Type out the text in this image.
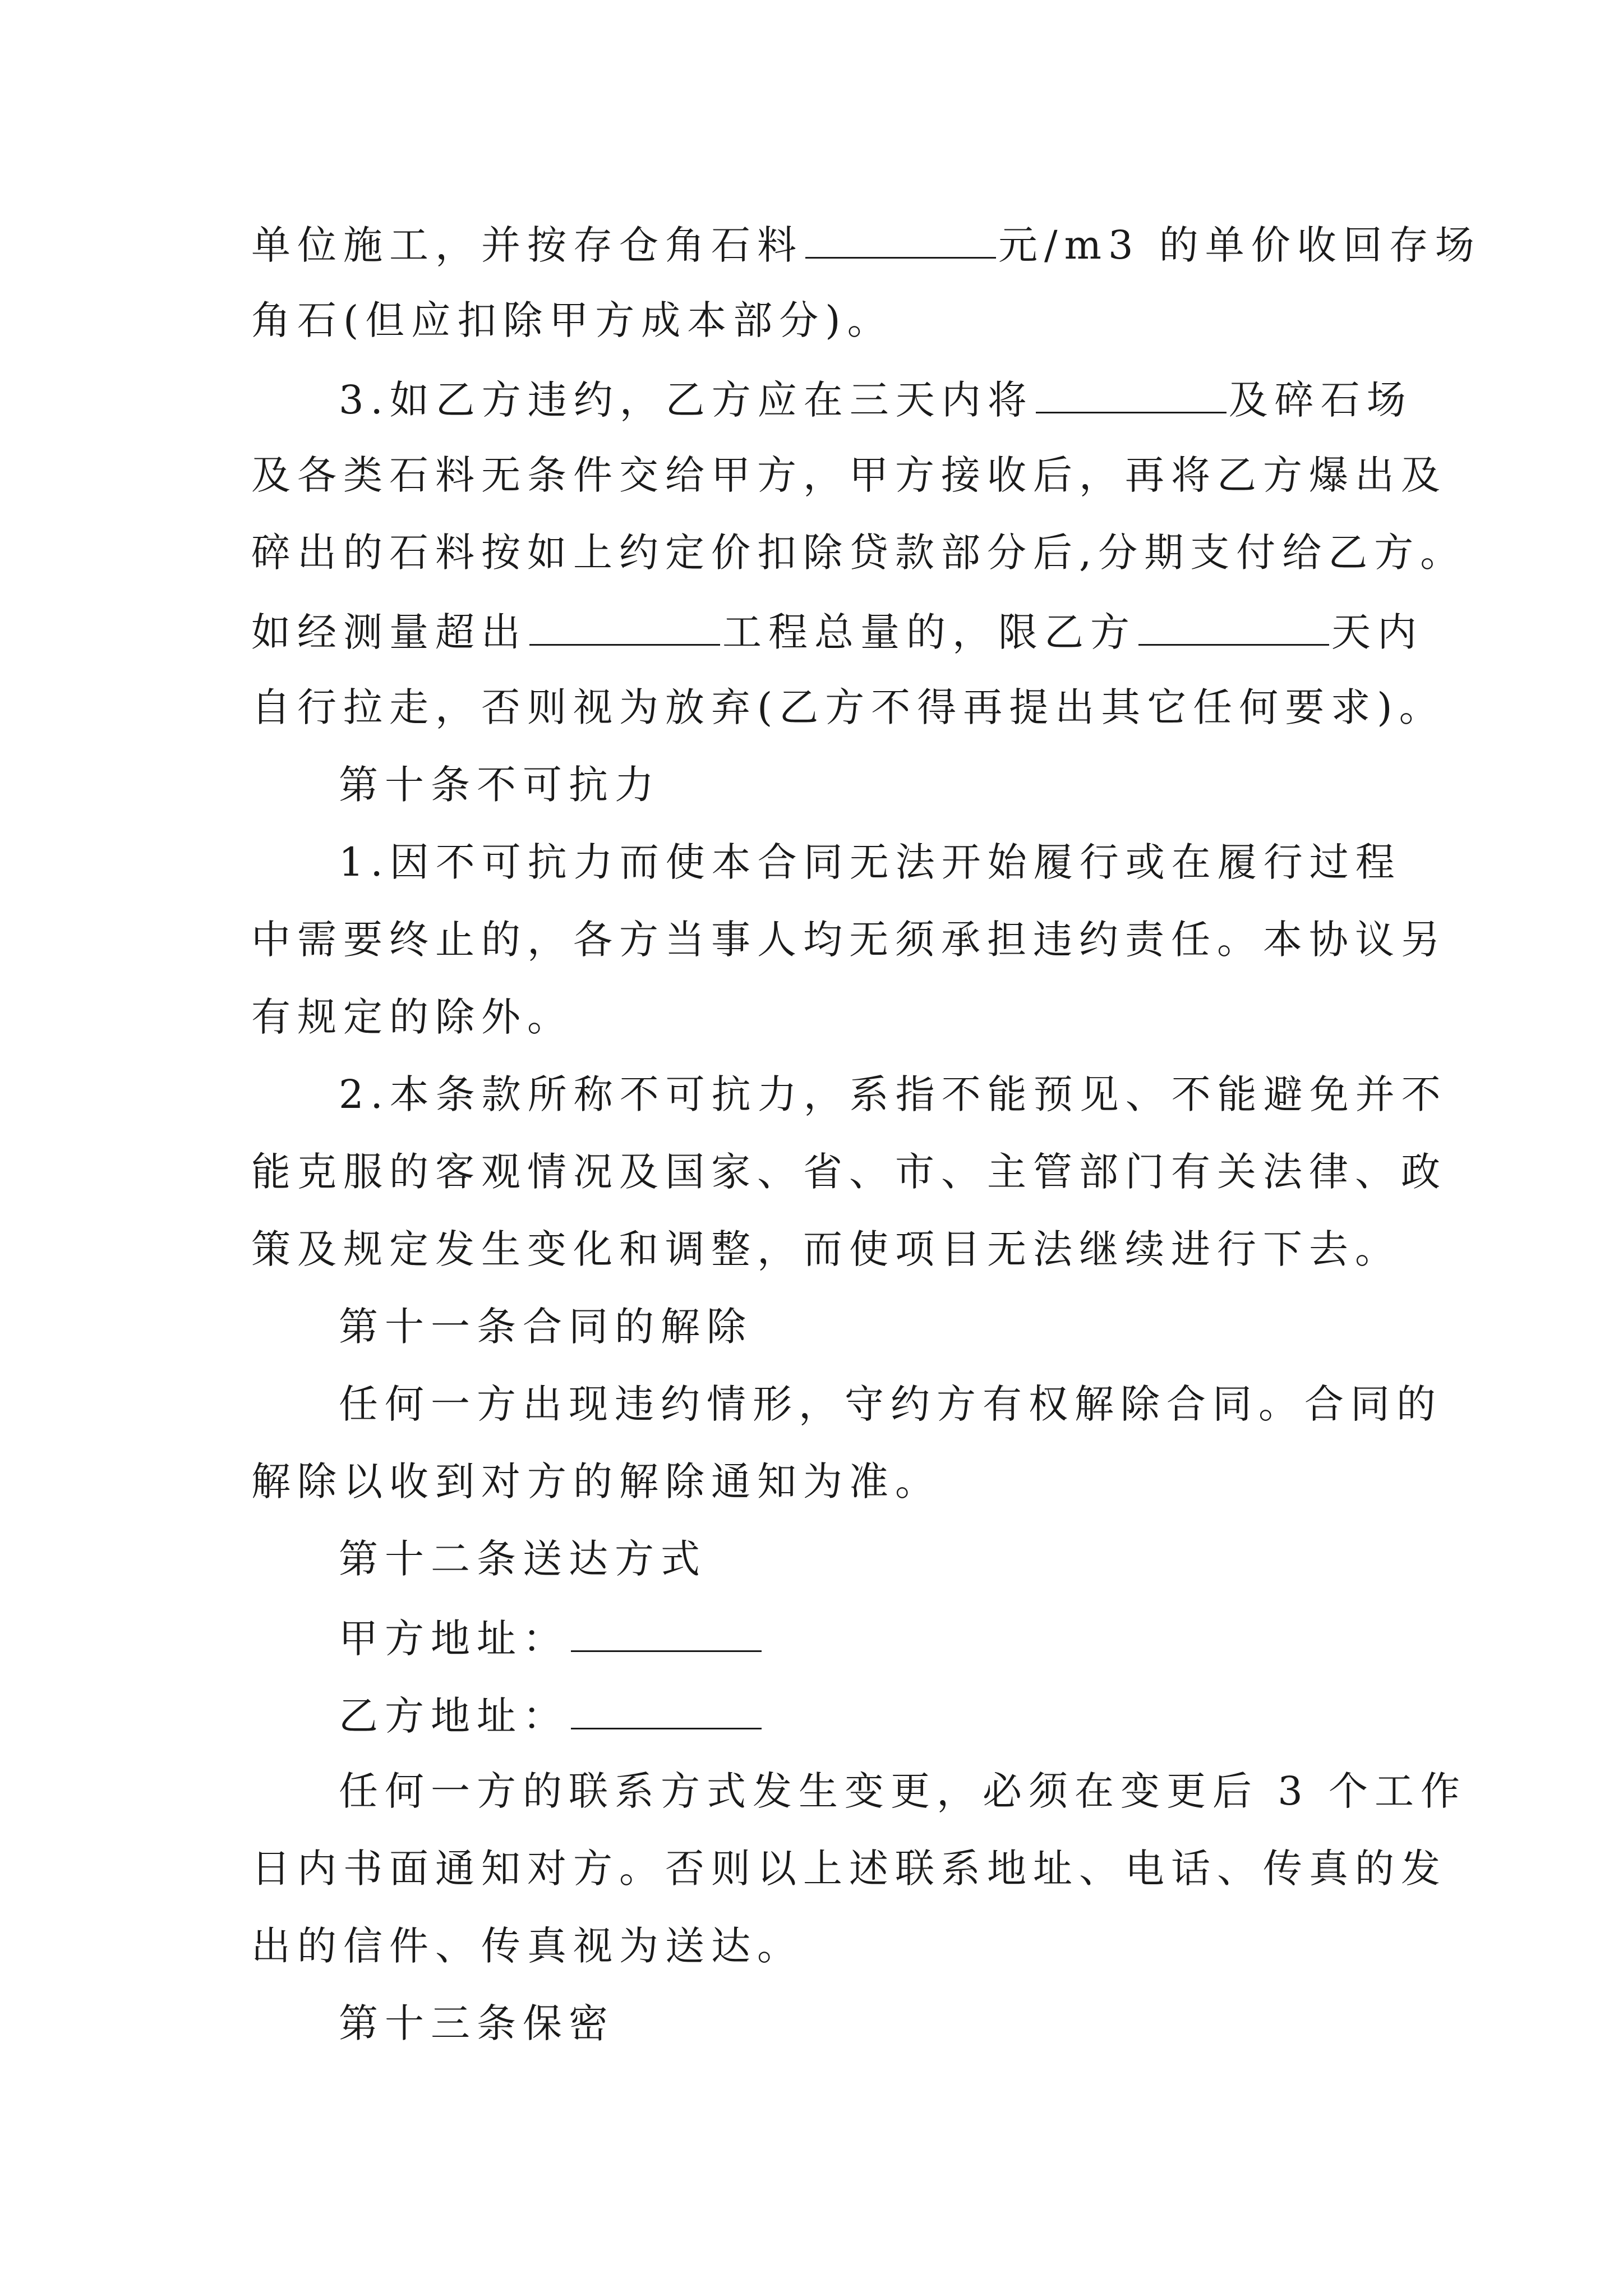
单位施工，并按存仓角石料	元/m3 的单价收回存场
角石(但应扣除甲方成本部分)。
3.如乙方违约，乙方应在三天内将	及碎石场
及各类石料无条件交给甲方，甲方接收后，再将乙方爆出及
碎出的石料按如上约定价扣除贷款部分后,分期支付给乙方。
如经测量超出	工程总量的，限乙方	天内
自行拉走，否则视为放弃(乙方不得再提出其它任何要求)。
第十条不可抗力
1.因不可抗力而使本合同无法开始履行或在履行过程
中需要终止的，各方当事人均无须承担违约责任。本协议另
有规定的除外。
2.本条款所称不可抗力，系指不能预见、不能避免并不
能克服的客观情况及国家、省、市、主管部门有关法律、政
策及规定发生变化和调整，而使项目无法继续进行下去。
第十一条合同的解除
任何一方出现违约情形，守约方有权解除合同。合同的
解除以收到对方的解除通知为准。
第十二条送达方式
甲方地址：
乙方地址：
任何一方的联系方式发生变更，必须在变更后 3 个工作
日内书面通知对方。否则以上述联系地址、电话、传真的发
出的信件、传真视为送达。
第十三条保密
